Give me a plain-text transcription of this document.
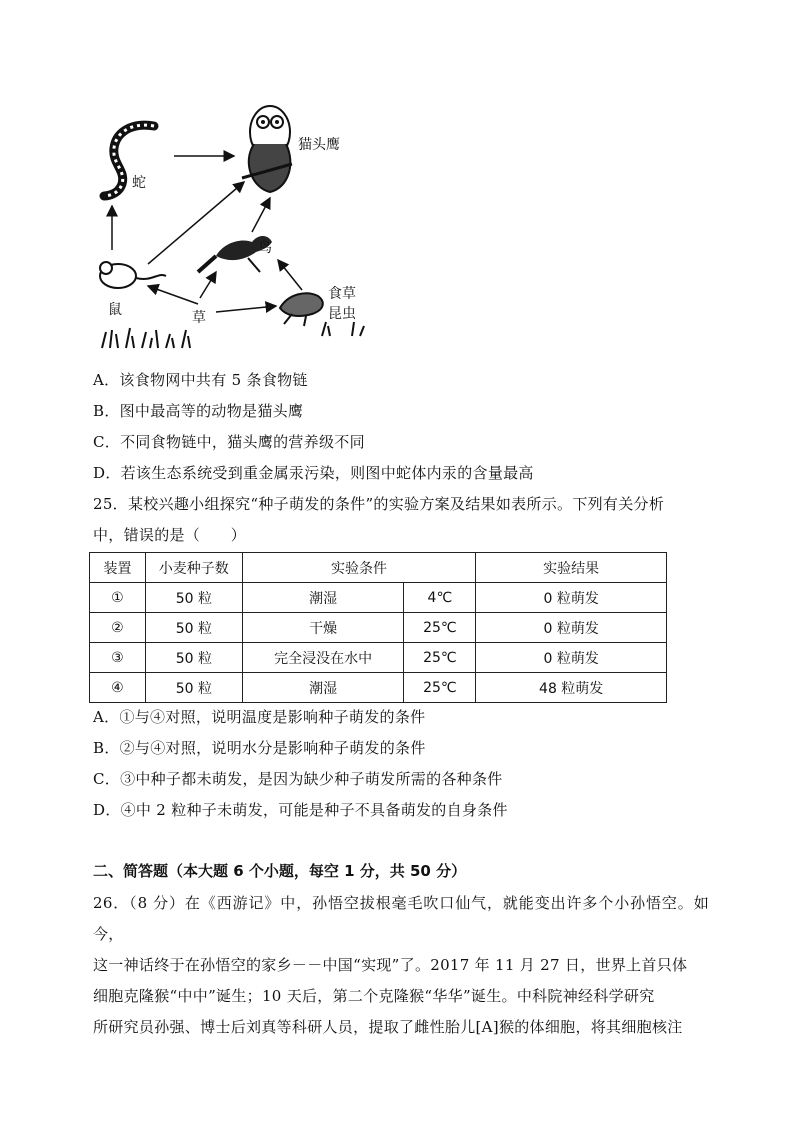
猫头鹰
蛇
鸟
鼠	草
食草
昆虫
A．该食物网中共有 5 条食物链
B．图中最高等的动物是猫头鹰
C．不同食物链中，猫头鹰的营养级不同
D．若该生态系统受到重金属汞污染，则图中蛇体内汞的含量最高
25．某校兴趣小组探究“种子萌发的条件”的实验方案及结果如表所示。下列有关分析
中，错误的是（　　）
装置	小麦种子数	实验条件		实验结果
①	50 粒	潮湿	4℃	0 粒萌发
②	50 粒	干燥	25℃	0 粒萌发
③	50 粒	完全浸没在水中	25℃	0 粒萌发
④	50 粒	潮湿	25℃	48 粒萌发
A．①与④对照，说明温度是影响种子萌发的条件
B．②与④对照，说明水分是影响种子萌发的条件
C．③中种子都未萌发，是因为缺少种子萌发所需的各种条件
D．④中 2 粒种子未萌发，可能是种子不具备萌发的自身条件
二、简答题（本大题 6 个小题，每空 1 分，共 50 分）
26．（8 分）在《西游记》中，孙悟空拔根毫毛吹口仙气，就能变出许多个小孙悟空。如今，
这一神话终于在孙悟空的家乡－－中国“实现”了。2017 年 11 月 27 日，世界上首只体
细胞克隆猴“中中”诞生；10 天后，第二个克隆猴“华华”诞生。中科院神经科学研究
所研究员孙强、博士后刘真等科研人员，提取了雌性胎儿[A]猴的体细胞，将其细胞核注
